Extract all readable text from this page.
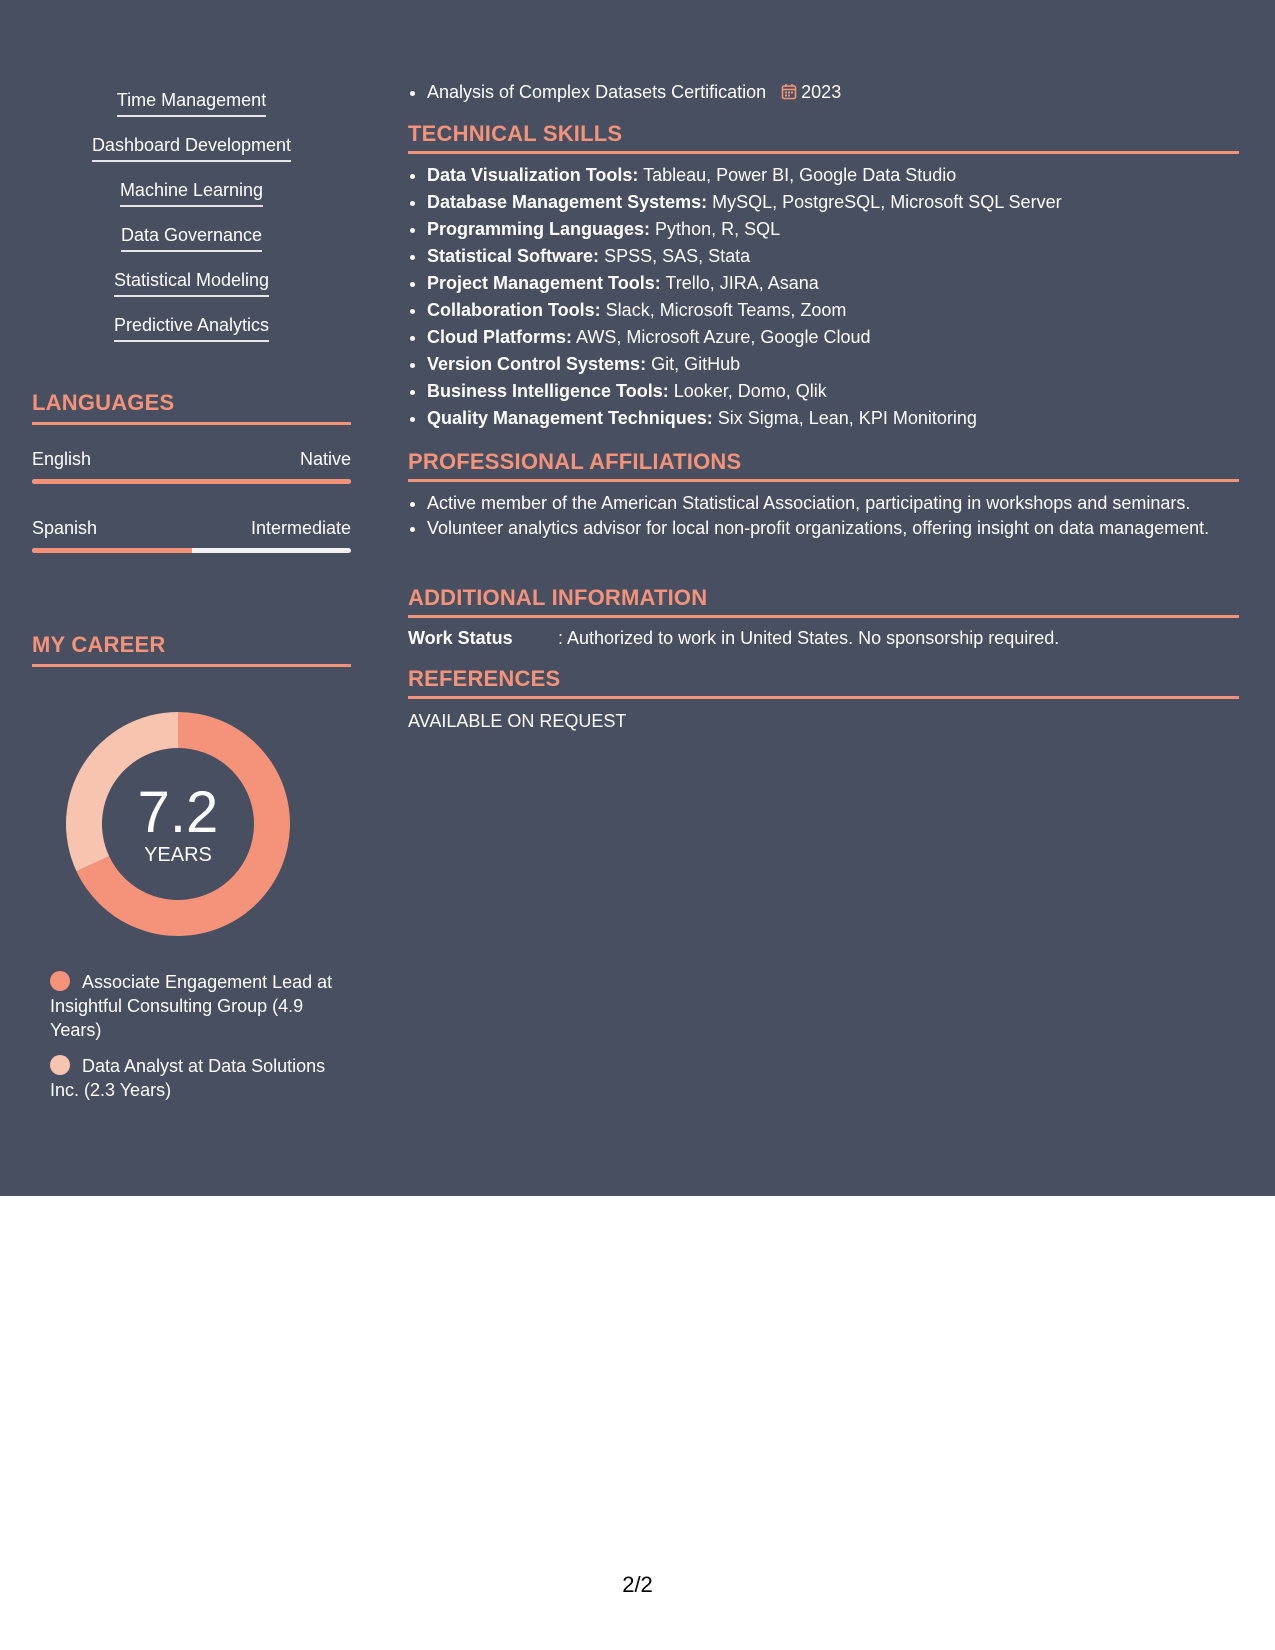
Time Management
Dashboard Development
Machine Learning
Data Governance
Statistical Modeling
Predictive Analytics
LANGUAGES
English	Native
Spanish	Intermediate
MY CAREER
7.2
YEARS
Associate Engagement Lead at Insightful Consulting Group (4.9 Years)
Data Analyst at Data Solutions Inc. (2.3 Years)
• Analysis of Complex Datasets Certification 2023
TECHNICAL SKILLS
• Data Visualization Tools: Tableau, Power BI, Google Data Studio
• Database Management Systems: MySQL, PostgreSQL, Microsoft SQL Server
• Programming Languages: Python, R, SQL
• Statistical Software: SPSS, SAS, Stata
• Project Management Tools: Trello, JIRA, Asana
• Collaboration Tools: Slack, Microsoft Teams, Zoom
• Cloud Platforms: AWS, Microsoft Azure, Google Cloud
• Version Control Systems: Git, GitHub
• Business Intelligence Tools: Looker, Domo, Qlik
• Quality Management Techniques: Six Sigma, Lean, KPI Monitoring
PROFESSIONAL AFFILIATIONS
• Active member of the American Statistical Association, participating in workshops and seminars.
• Volunteer analytics advisor for local non-profit organizations, offering insight on data management.
ADDITIONAL INFORMATION
Work Status	: Authorized to work in United States. No sponsorship required.
REFERENCES
AVAILABLE ON REQUEST
2/2
